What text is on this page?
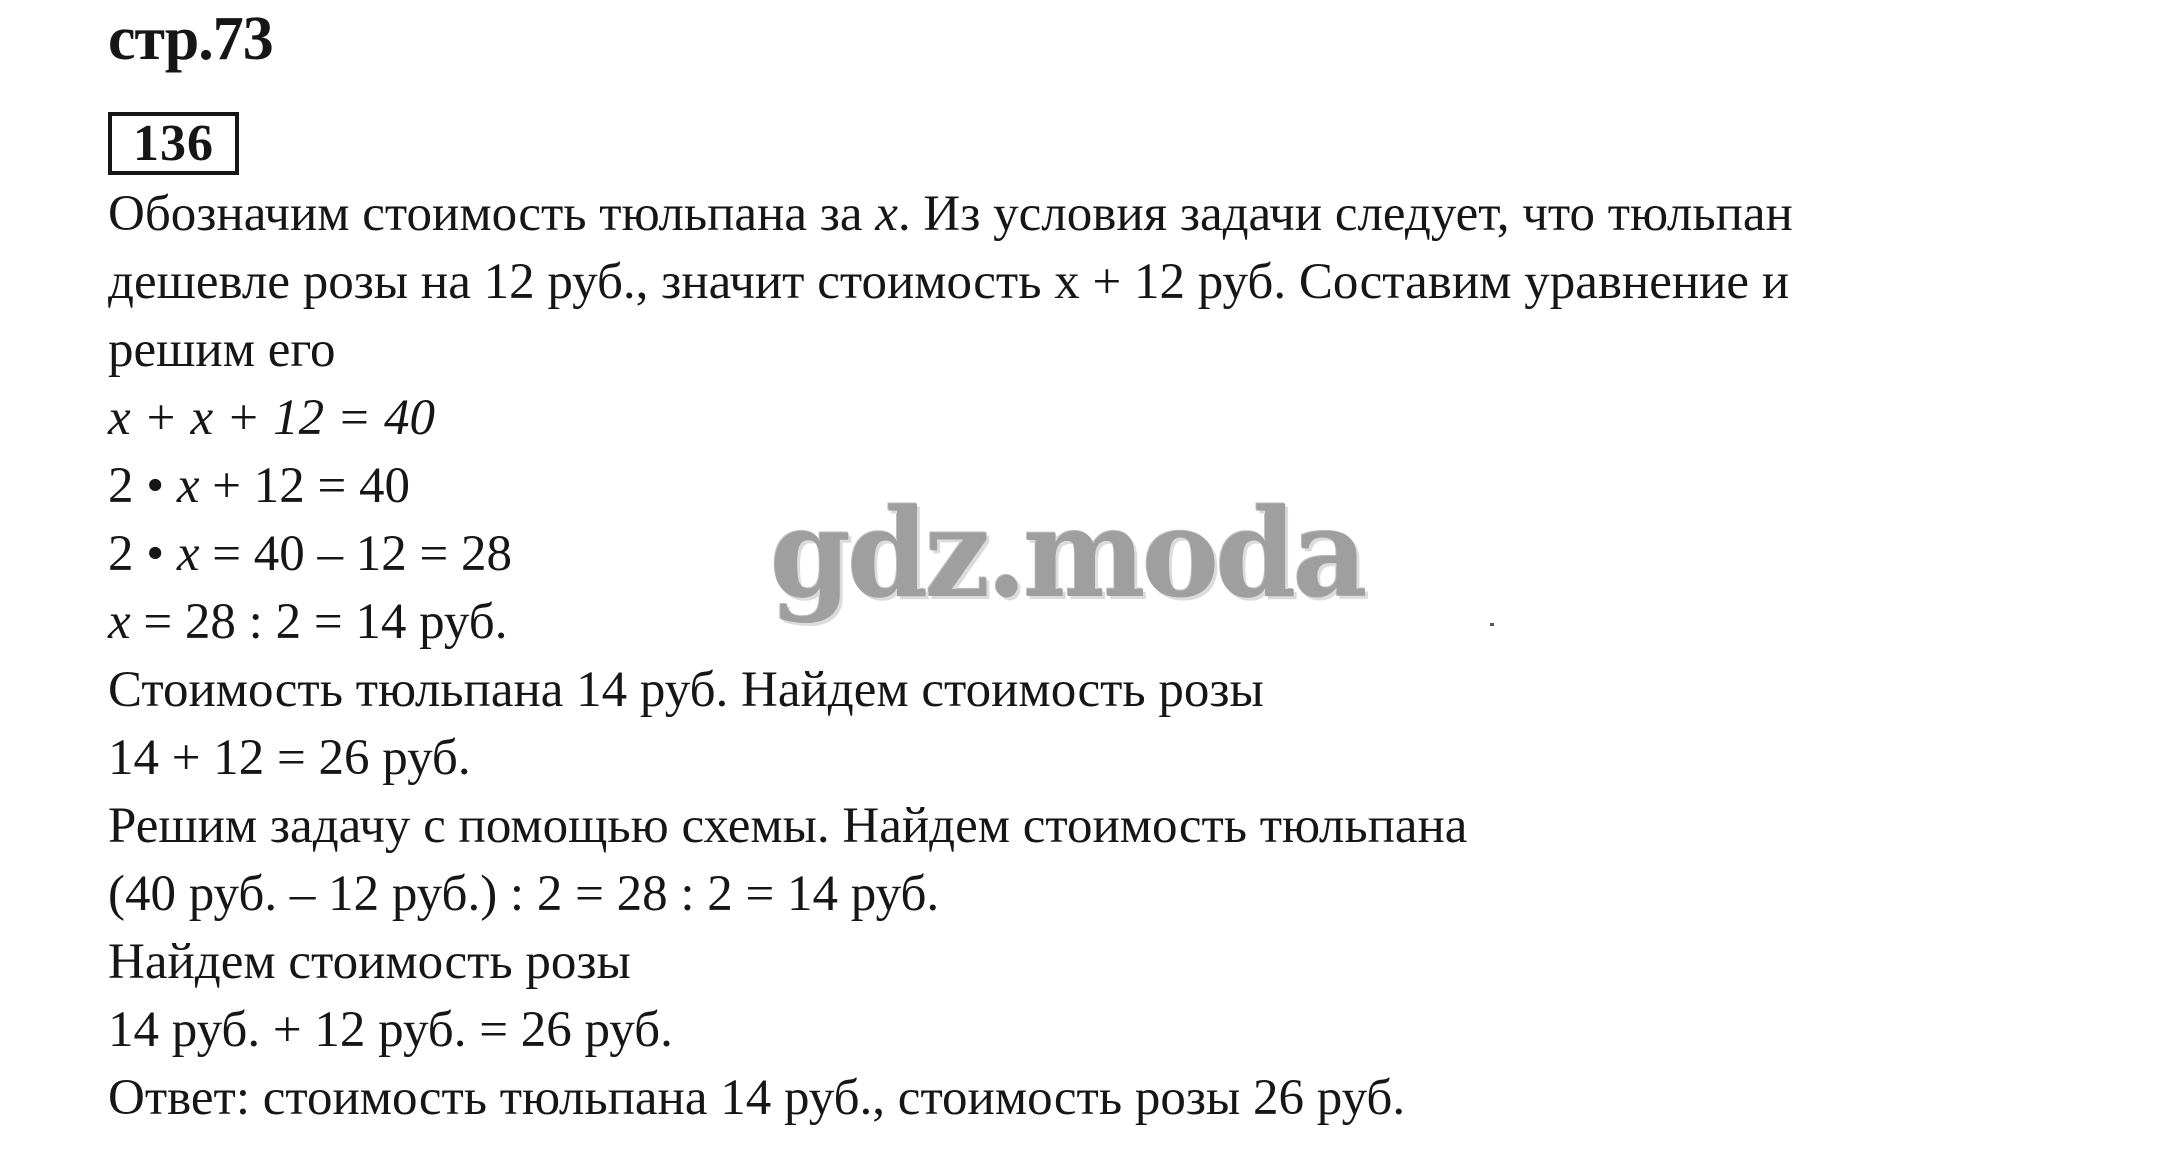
стр.73
136
Обозначим стоимость тюльпана за x. Из условия задачи следует, что тюльпан
дешевле розы на 12 руб., значит стоимость x + 12 руб. Составим уравнение и
решим его
x + x + 12 = 40
2 • x + 12 = 40
2 • x = 40 – 12 = 28
x = 28 : 2 = 14 руб.
Стоимость тюльпана 14 руб. Найдем стоимость розы
14 + 12 = 26 руб.
Решим задачу с помощью схемы. Найдем стоимость тюльпана
(40 руб. – 12 руб.) : 2 = 28 : 2 = 14 руб.
Найдем стоимость розы
14 руб. + 12 руб. = 26 руб.
Ответ: стоимость тюльпана 14 руб., стоимость розы 26 руб.
gdz.moda
